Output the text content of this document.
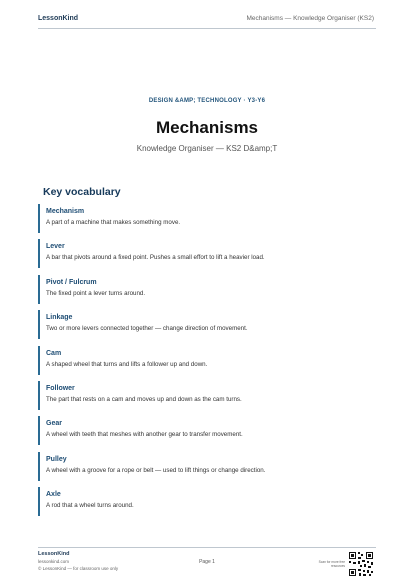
LessonKind	Mechanisms — Knowledge Organiser (KS2)
DESIGN &AMP; TECHNOLOGY · Y3-Y6
Mechanisms
Knowledge Organiser — KS2 D&amp;T
Key vocabulary
Mechanism
A part of a machine that makes something move.
Lever
A bar that pivots around a fixed point. Pushes a small effort to lift a heavier load.
Pivot / Fulcrum
The fixed point a lever turns around.
Linkage
Two or more levers connected together — change direction of movement.
Cam
A shaped wheel that turns and lifts a follower up and down.
Follower
The part that rests on a cam and moves up and down as the cam turns.
Gear
A wheel with teeth that meshes with another gear to transfer movement.
Pulley
A wheel with a groove for a rope or belt — used to lift things or change direction.
Axle
A rod that a wheel turns around.
LessonKind
lessonkind.com
© LessonKind — for classroom use only
Page 1	Scan for more free resources
